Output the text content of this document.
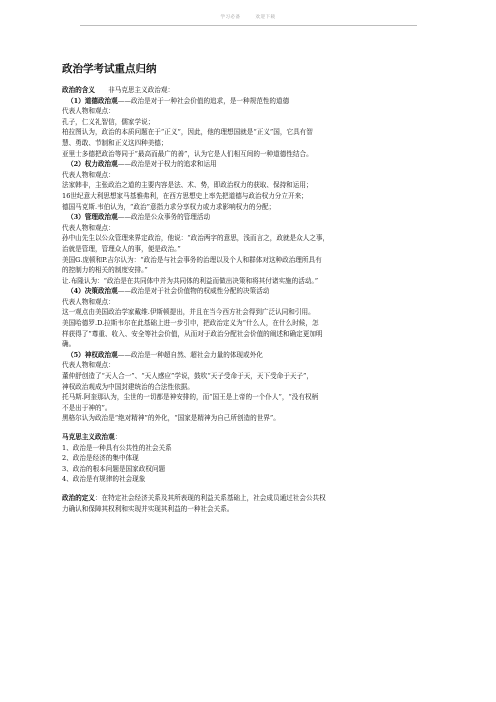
学习必备　　　欢迎下载
政治学考试重点归纳

政治的含义　　非马克思主义政治观：

（1）道德政治观——政治是对于一种社会价值的追求，是一种规范性的道德

代表人物和观点：

孔子，仁义礼智信，儒家学说；

柏拉图认为，政治的本质问题在于“正义”，因此，他的理想国就是“正义”国，它具有智

慧、勇敢、节制和正义这四种美德；

亚里士多德把政治等同于“最高而最广的善”，认为它是人们相互间的一种道德性结合。

（2）权力政治观——政治是对于权力的追求和运用

代表人物和观点：

法家韩非，主张政治之道的主要内容是法、术、势，即政治权力的获取、保持和运用；

16世纪意大利思想家马基雅弗利，在西方思想史上率先把道德与政治权力分立开来；

德国马克斯.韦伯认为，“政治”意指力求分享权力或力求影响权力的分配；

（3）管理政治观——政治是公众事务的管理活动

代表人物和观点：

孙中山先生以公众管理来界定政治，他说：“政治两字的意思，浅而言之，政就是众人之事，

治就是管理，管理众人的事，便是政治。”

美国G.庞顿和P.吉尔认为：“政治是与社会事务的治理以及个人和群体对这种政治理所具有

的控制力的相关的制度安排。”

让.布隆认为：“政治是在共同体中并为共同体的利益而做出决策和将其付诸实施的活动。”

（4）决策政治观——政治是对于社会价值物的权威性分配的决策活动

代表人物和观点：

这一观点由美国政治学家戴维.伊斯顿提出，并且在当今西方社会得到广泛认同和引用。

美国哈德罗.D.拉斯韦尔在此基础上进一步引申，把政治定义为“什么人，在什么时候，怎

样获得了”尊重、收入、安全等社会价值，从而对于政治分配社会价值的阐述和确定更加明

确。

（5）神权政治观——政治是一种超自然、超社会力量的体现或外化

代表人物和观点：

董仲舒创造了“天人合一”、“天人感应”学说，鼓吹“天子受命于天，天下受命于天子”，

神权政治观成为中国封建统治的合法性依据。

托马斯.阿奎那认为，尘世的一切都是神安排的，而“国王是上帝的一个仆人”，“没有权柄

不是出于神的”。

黑格尔认为政治是“绝对精神”的外化，“国家是精神为自己所创造的世界”。

马克思主义政治观：

1、政治是一种具有公共性的社会关系

2、政治是经济的集中体现

3、政治的根本问题是国家政权问题

4、政治是有规律的社会现象

政治的定义：在特定社会经济关系及其所表现的利益关系基础上，社会成员通过社会公共权

力确认和保障其权利和实现并实现其利益的一种社会关系。
